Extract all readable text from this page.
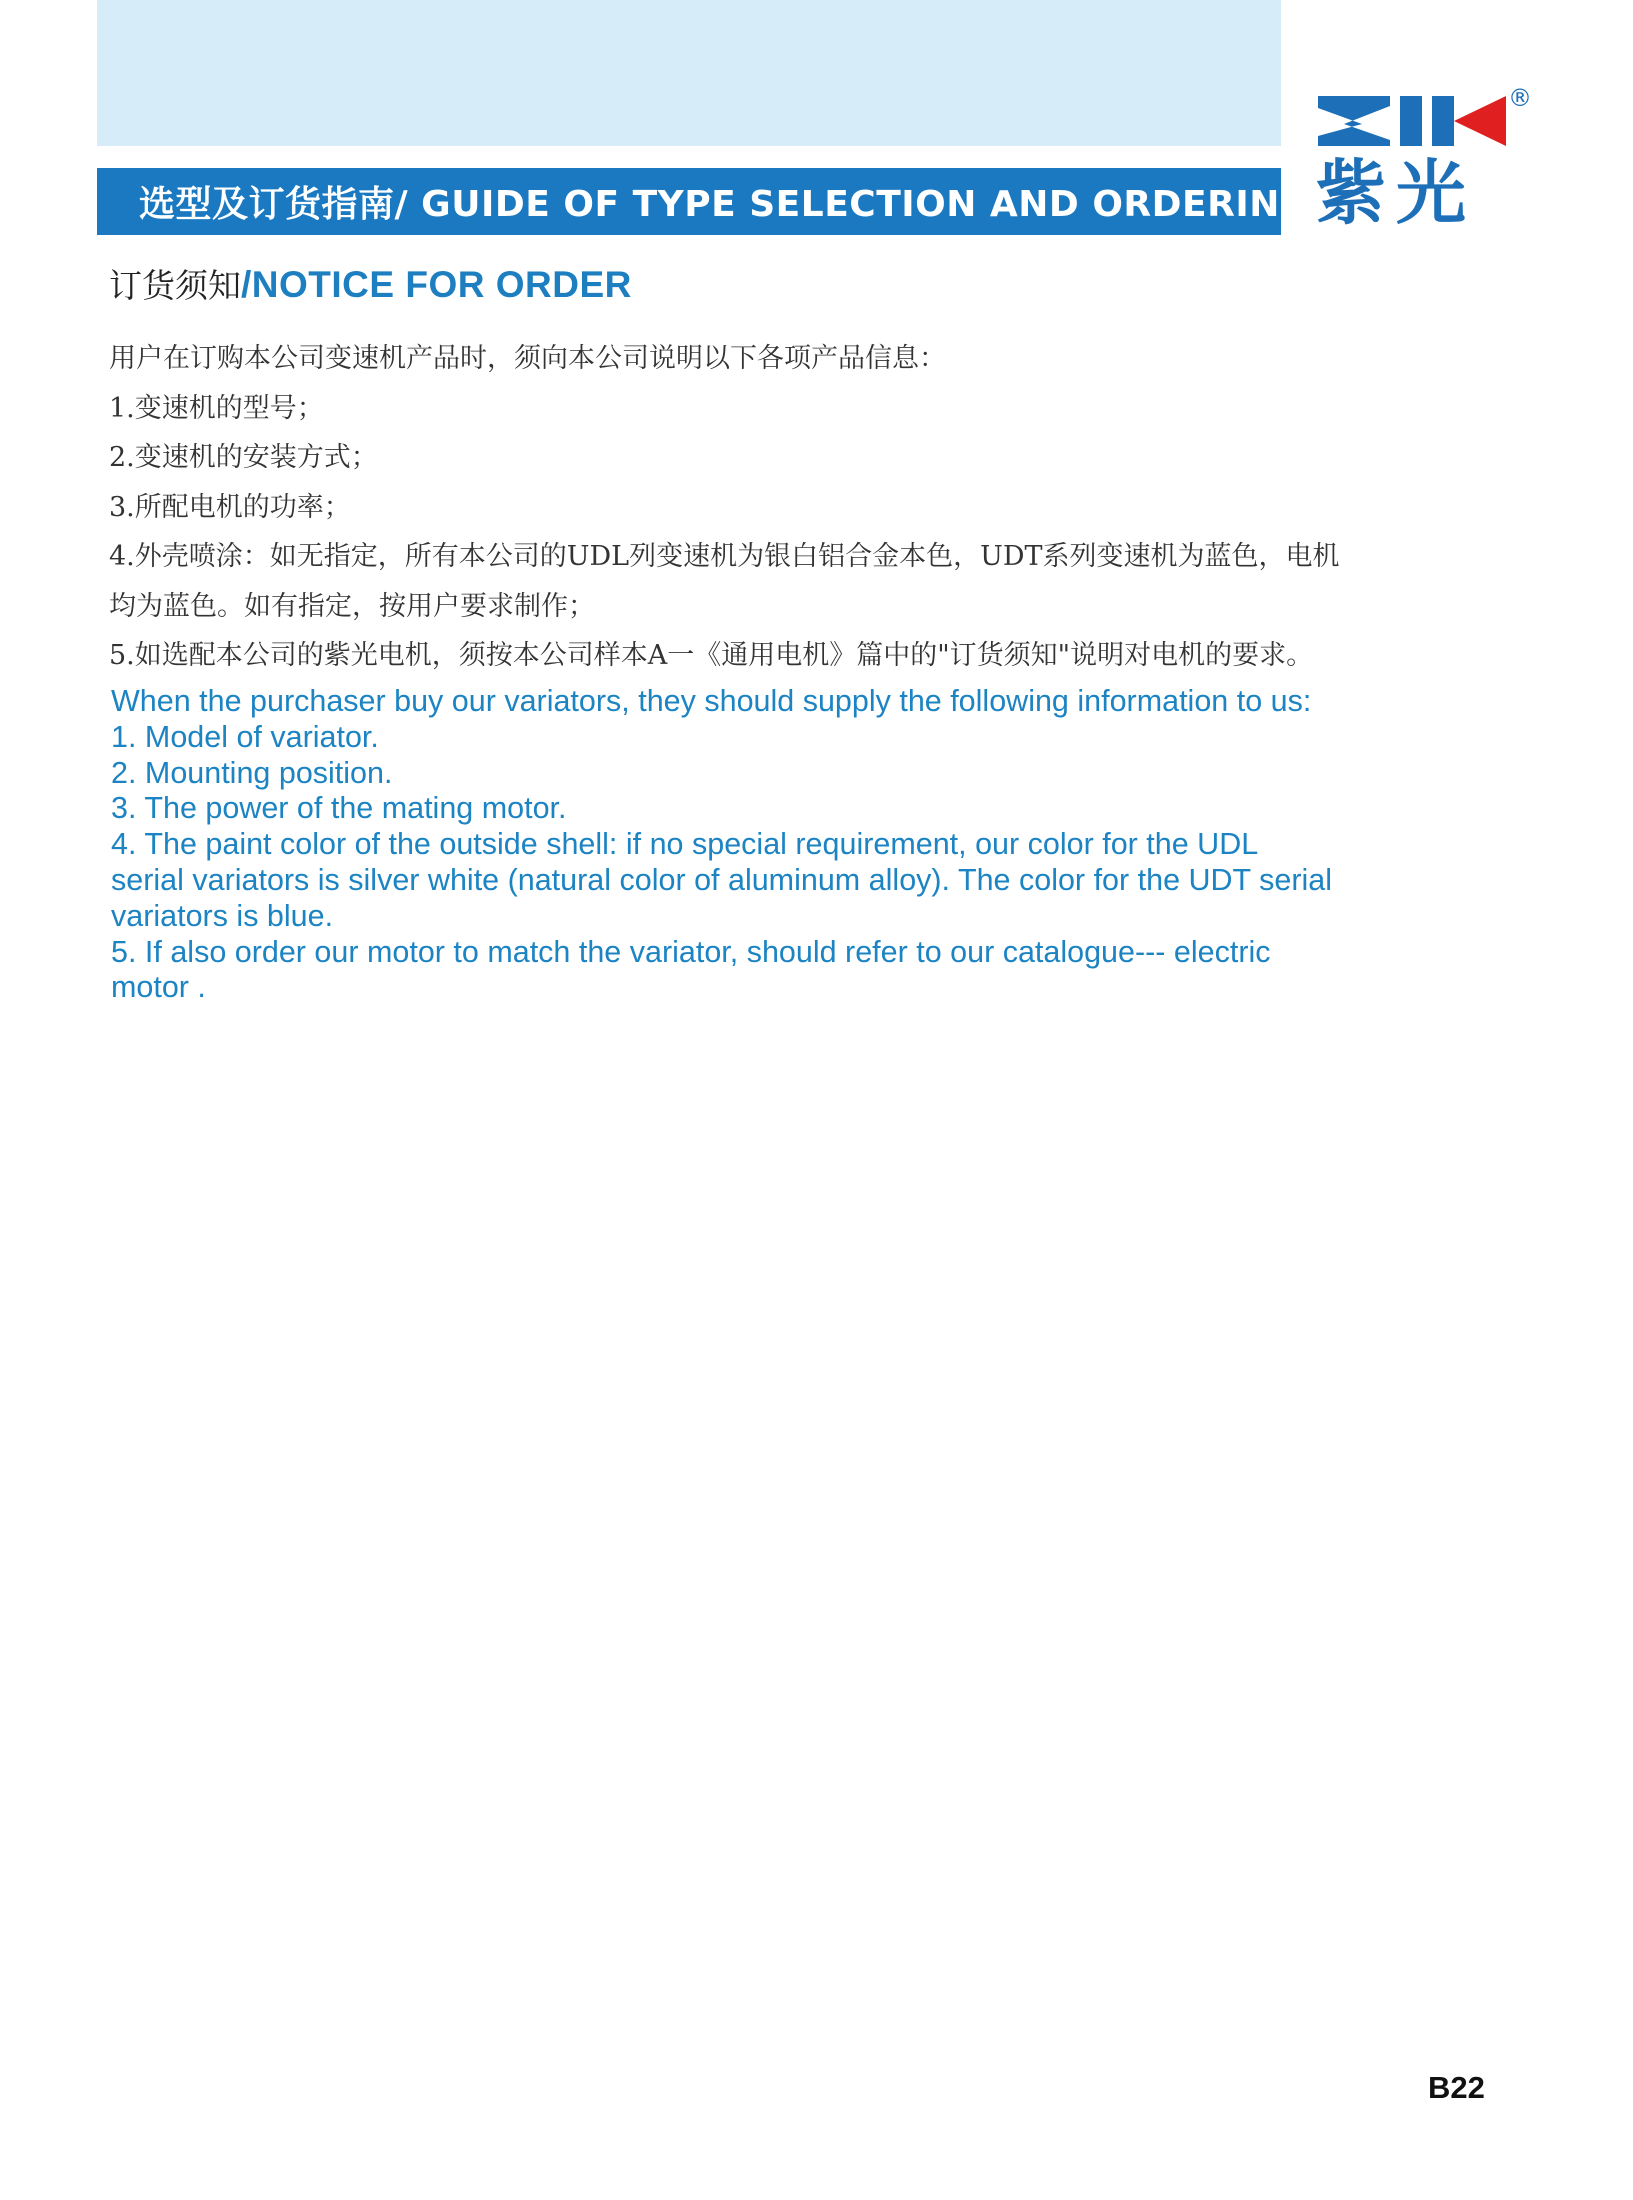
选型及订货指南/ GUIDE OF TYPE SELECTION AND ORDERING
®
紫光
订货须知/NOTICE FOR ORDER

用户在订购本公司变速机产品时，须向本公司说明以下各项产品信息：

1.变速机的型号；

2.变速机的安装方式；

3.所配电机的功率；

4.外壳喷涂：如无指定，所有本公司的UDL列变速机为银白铝合金本色，UDT系列变速机为蓝色，电机

均为蓝色。如有指定，按用户要求制作；

5.如选配本公司的紫光电机，须按本公司样本A一《通用电机》篇中的"订货须知"说明对电机的要求。

When the purchaser buy our variators, they should supply the following information to us:

1. Model of variator.

2. Mounting position.

3. The power of the mating motor.

4. The paint color of the outside shell: if no special requirement, our color for the UDL

serial variators is silver white (natural color of aluminum alloy). The color for the UDT serial

variators is blue.

5. If also order our motor to match the variator, should refer to our catalogue--- electric

motor .

B22
